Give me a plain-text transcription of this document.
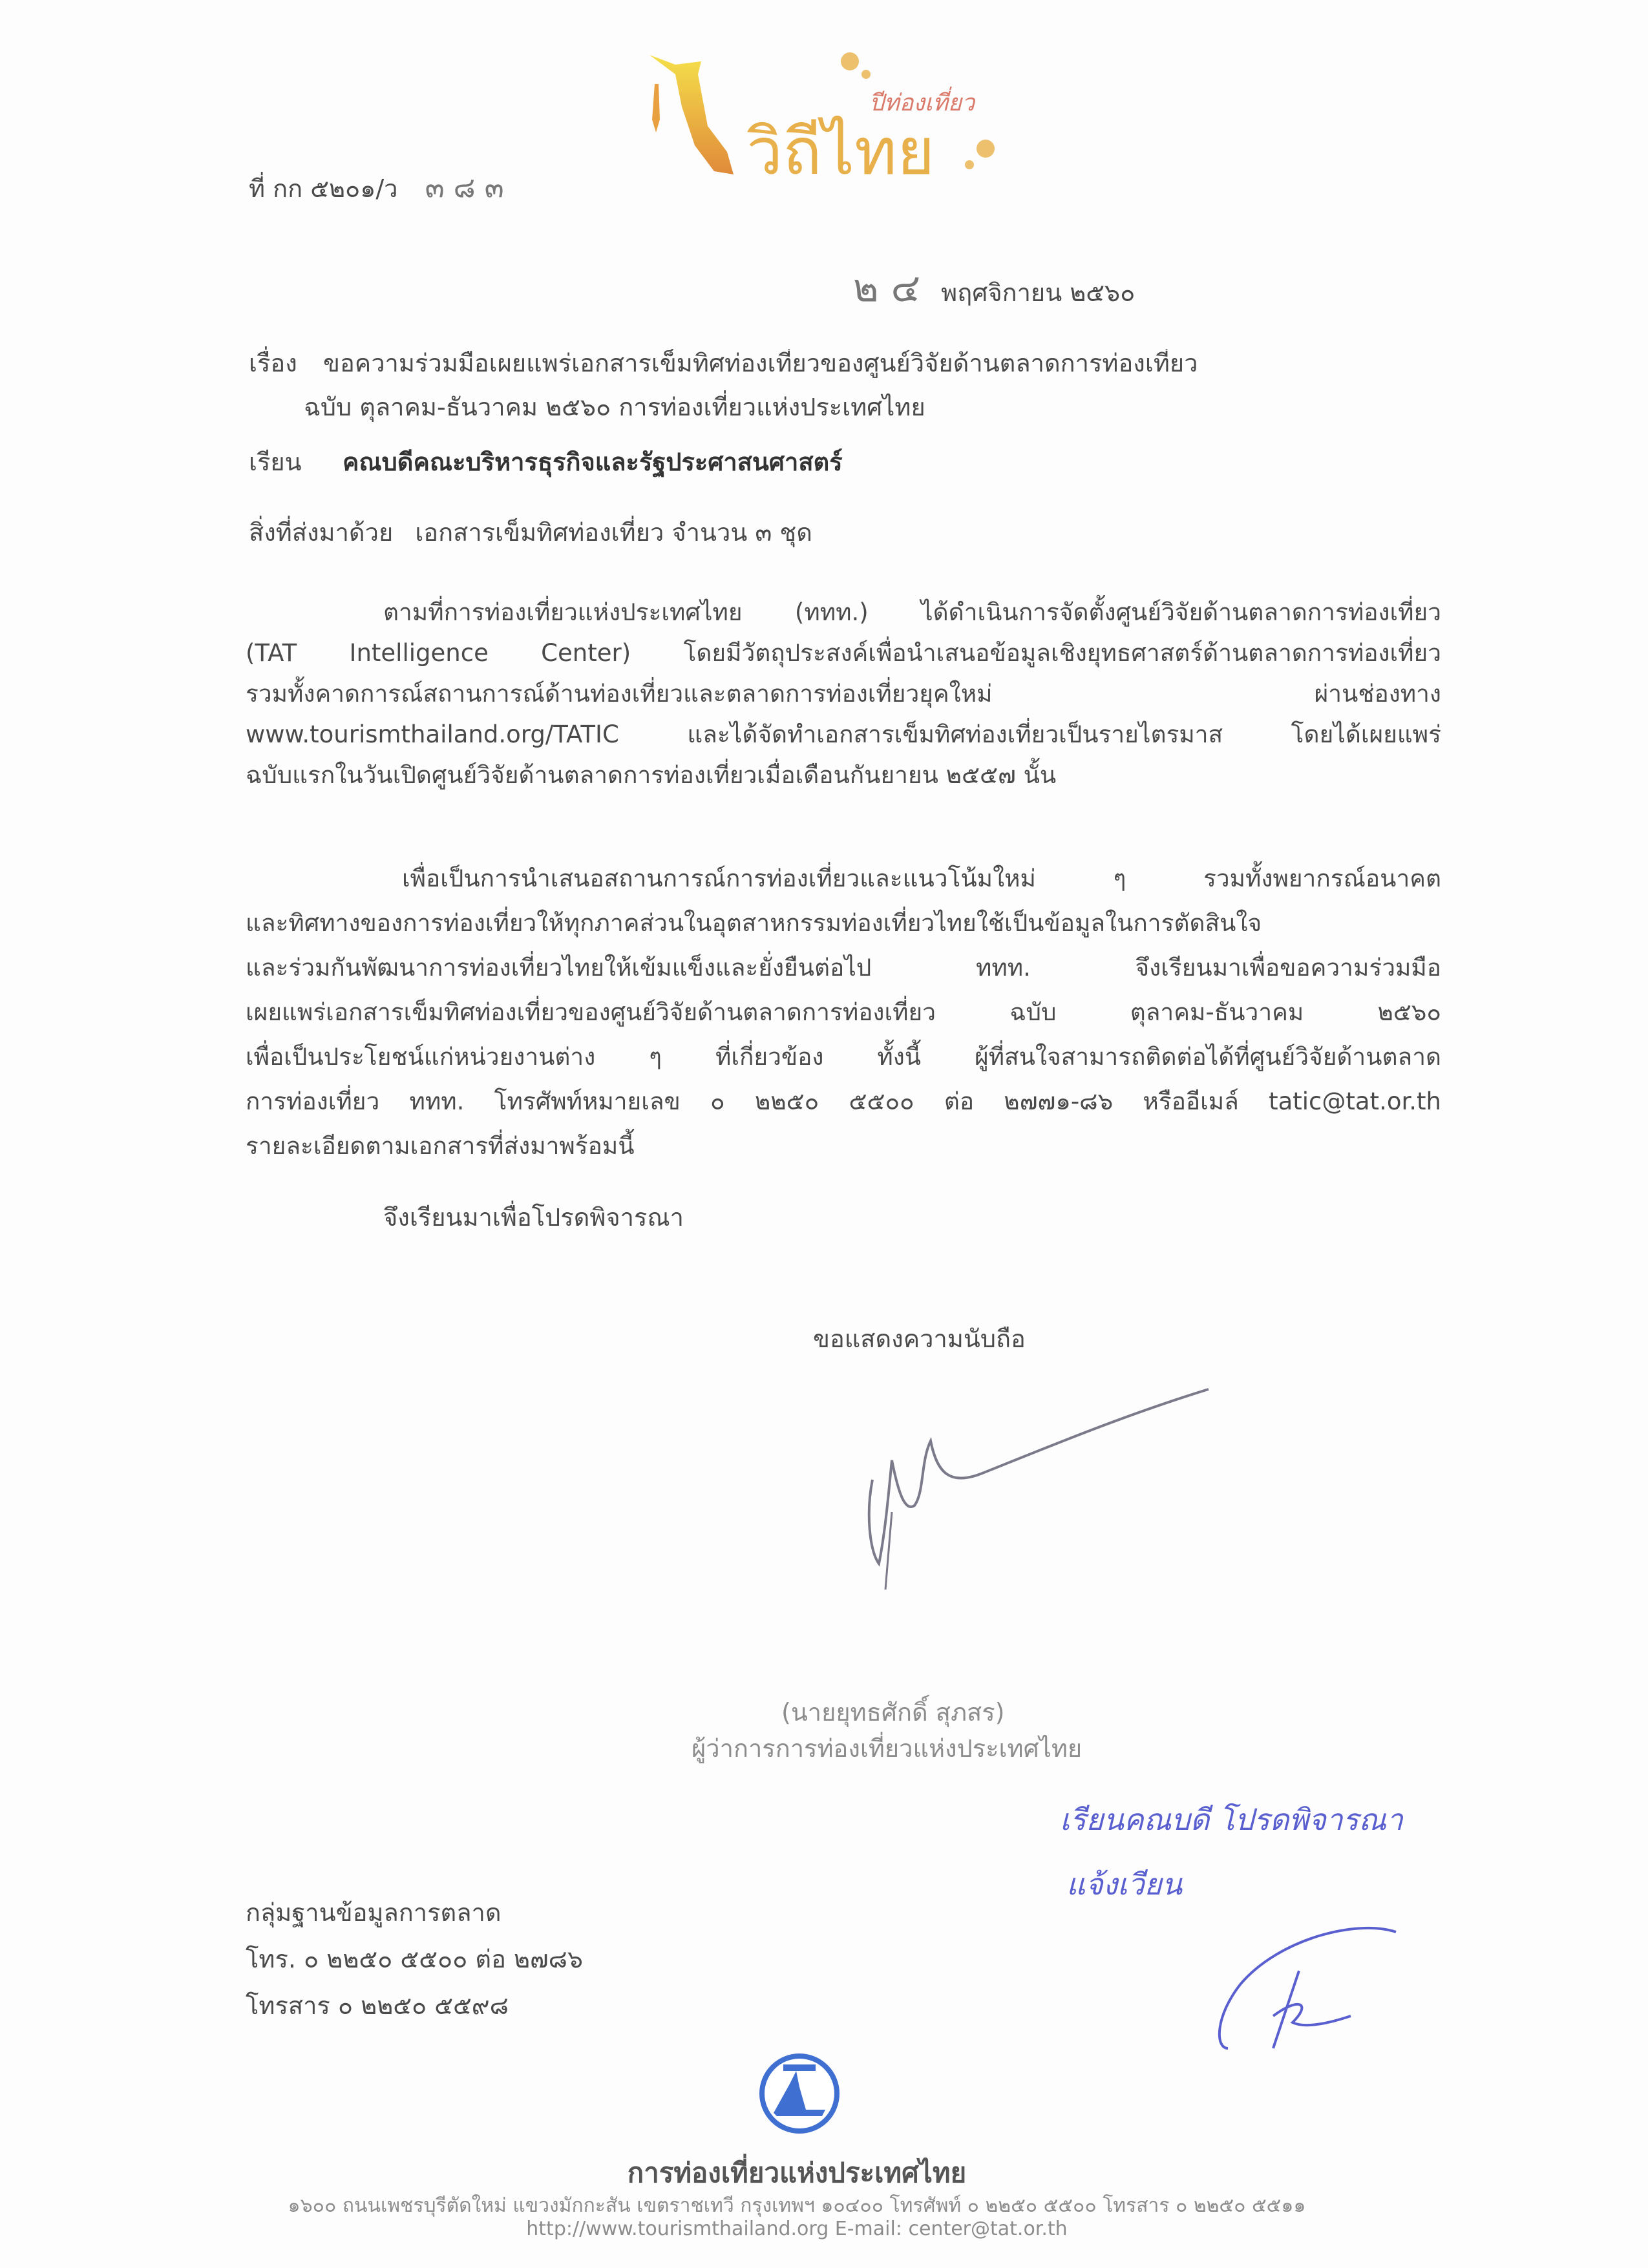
วิถีไทย
ปีท่องเที่ยว
ที่ กก ๕๒๐๑/ว ๓ ๘ ๓
๒ ๔ พฤศจิกายน ๒๕๖๐
เรื่อง ขอความร่วมมือเผยแพร่เอกสารเข็มทิศท่องเที่ยวของศูนย์วิจัยด้านตลาดการท่องเที่ยว
ฉบับ ตุลาคม-ธันวาคม ๒๕๖๐ การท่องเที่ยวแห่งประเทศไทย
เรียน คณบดีคณะบริหารธุรกิจและรัฐประศาสนศาสตร์
สิ่งที่ส่งมาด้วย เอกสารเข็มทิศท่องเที่ยว จำนวน ๓ ชุด
ตามที่การท่องเที่ยวแห่งประเทศไทย (ททท.) ได้ดำเนินการจัดตั้งศูนย์วิจัยด้านตลาดการท่องเที่ยว
(TAT Intelligence Center) โดยมีวัตถุประสงค์เพื่อนำเสนอข้อมูลเชิงยุทธศาสตร์ด้านตลาดการท่องเที่ยว
รวมทั้งคาดการณ์สถานการณ์ด้านท่องเที่ยวและตลาดการท่องเที่ยวยุคใหม่ ผ่านช่องทาง
www.tourismthailand.org/TATIC และได้จัดทำเอกสารเข็มทิศท่องเที่ยวเป็นรายไตรมาส โดยได้เผยแพร่
ฉบับแรกในวันเปิดศูนย์วิจัยด้านตลาดการท่องเที่ยวเมื่อเดือนกันยายน ๒๕๕๗ นั้น
เพื่อเป็นการนำเสนอสถานการณ์การท่องเที่ยวและแนวโน้มใหม่ ๆ รวมทั้งพยากรณ์อนาคต
และทิศทางของการท่องเที่ยวให้ทุกภาคส่วนในอุตสาหกรรมท่องเที่ยวไทยใช้เป็นข้อมูลในการตัดสินใจ
และร่วมกันพัฒนาการท่องเที่ยวไทยให้เข้มแข็งและยั่งยืนต่อไป ททท. จึงเรียนมาเพื่อขอความร่วมมือ
เผยแพร่เอกสารเข็มทิศท่องเที่ยวของศูนย์วิจัยด้านตลาดการท่องเที่ยว ฉบับ ตุลาคม-ธันวาคม ๒๕๖๐
เพื่อเป็นประโยชน์แก่หน่วยงานต่าง ๆ ที่เกี่ยวข้อง ทั้งนี้ ผู้ที่สนใจสามารถติดต่อได้ที่ศูนย์วิจัยด้านตลาด
การท่องเที่ยว ททท. โทรศัพท์หมายเลข ๐ ๒๒๕๐ ๕๕๐๐ ต่อ ๒๗๗๑-๘๖ หรืออีเมล์ tatic@tat.or.th
รายละเอียดตามเอกสารที่ส่งมาพร้อมนี้
จึงเรียนมาเพื่อโปรดพิจารณา
ขอแสดงความนับถือ
(นายยุทธศักดิ์ สุภสร)
ผู้ว่าการการท่องเที่ยวแห่งประเทศไทย
เรียนคณบดี โปรดพิจารณา
แจ้งเวียน
กลุ่มฐานข้อมูลการตลาด
โทร. ๐ ๒๒๕๐ ๕๕๐๐ ต่อ ๒๗๘๖
โทรสาร ๐ ๒๒๕๐ ๕๕๙๘
การท่องเที่ยวแห่งประเทศไทย
๑๖๐๐ ถนนเพชรบุรีตัดใหม่ แขวงมักกะสัน เขตราชเทวี กรุงเทพฯ ๑๐๔๐๐ โทรศัพท์ ๐ ๒๒๕๐ ๕๕๐๐ โทรสาร ๐ ๒๒๕๐ ๕๕๑๑
http://www.tourismthailand.org E-mail: center@tat.or.th
